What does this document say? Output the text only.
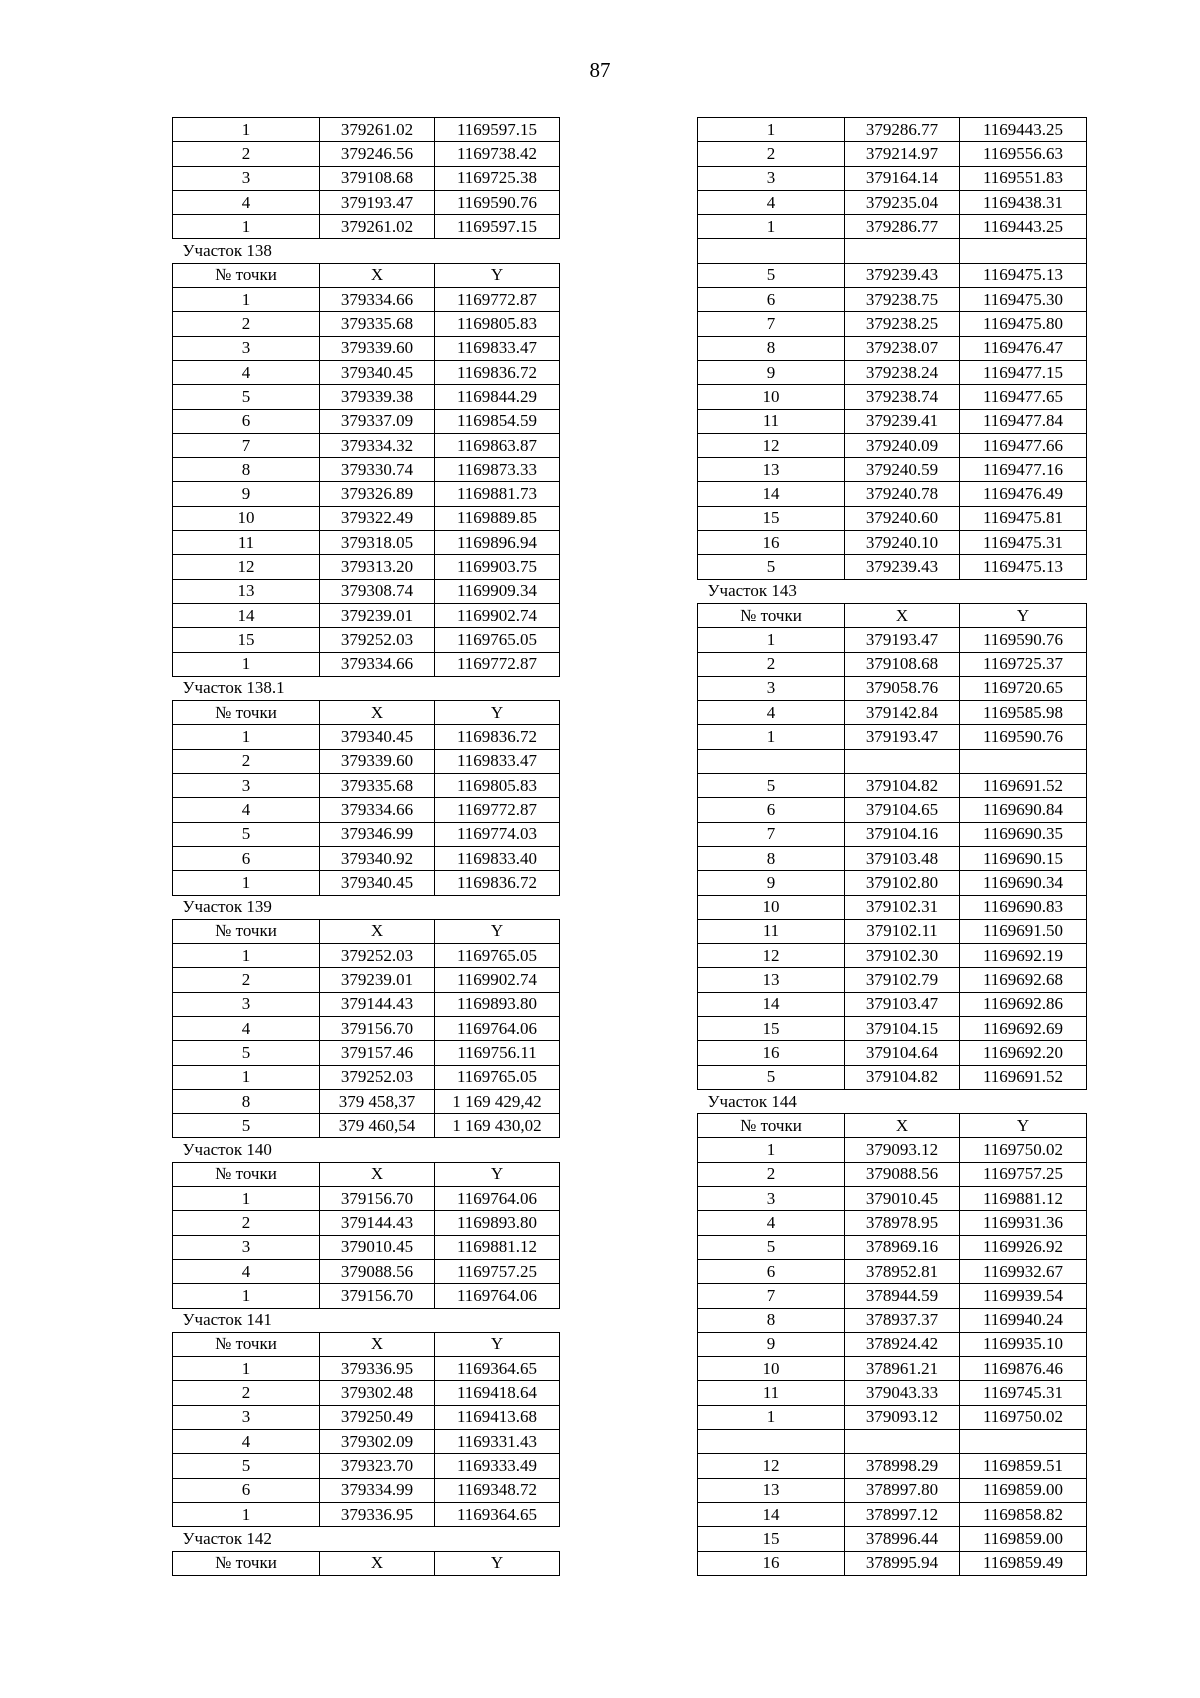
87
1	379261.02	1169597.15
2	379246.56	1169738.42
3	379108.68	1169725.38
4	379193.47	1169590.76
1	379261.02	1169597.15
Участок 138		
№ точки	X	Y
1	379334.66	1169772.87
2	379335.68	1169805.83
3	379339.60	1169833.47
4	379340.45	1169836.72
5	379339.38	1169844.29
6	379337.09	1169854.59
7	379334.32	1169863.87
8	379330.74	1169873.33
9	379326.89	1169881.73
10	379322.49	1169889.85
11	379318.05	1169896.94
12	379313.20	1169903.75
13	379308.74	1169909.34
14	379239.01	1169902.74
15	379252.03	1169765.05
1	379334.66	1169772.87
Участок 138.1		
№ точки	X	Y
1	379340.45	1169836.72
2	379339.60	1169833.47
3	379335.68	1169805.83
4	379334.66	1169772.87
5	379346.99	1169774.03
6	379340.92	1169833.40
1	379340.45	1169836.72
Участок 139		
№ точки	X	Y
1	379252.03	1169765.05
2	379239.01	1169902.74
3	379144.43	1169893.80
4	379156.70	1169764.06
5	379157.46	1169756.11
1	379252.03	1169765.05
8	379 458,37	1 169 429,42
5	379 460,54	1 169 430,02
Участок 140		
№ точки	X	Y
1	379156.70	1169764.06
2	379144.43	1169893.80
3	379010.45	1169881.12
4	379088.56	1169757.25
1	379156.70	1169764.06
Участок 141		
№ точки	X	Y
1	379336.95	1169364.65
2	379302.48	1169418.64
3	379250.49	1169413.68
4	379302.09	1169331.43
5	379323.70	1169333.49
6	379334.99	1169348.72
1	379336.95	1169364.65
Участок 142		
№ точки	X	Y
1	379286.77	1169443.25
2	379214.97	1169556.63
3	379164.14	1169551.83
4	379235.04	1169438.31
1	379286.77	1169443.25

5	379239.43	1169475.13
6	379238.75	1169475.30
7	379238.25	1169475.80
8	379238.07	1169476.47
9	379238.24	1169477.15
10	379238.74	1169477.65
11	379239.41	1169477.84
12	379240.09	1169477.66
13	379240.59	1169477.16
14	379240.78	1169476.49
15	379240.60	1169475.81
16	379240.10	1169475.31
5	379239.43	1169475.13
Участок 143		
№ точки	X	Y
1	379193.47	1169590.76
2	379108.68	1169725.37
3	379058.76	1169720.65
4	379142.84	1169585.98
1	379193.47	1169590.76

5	379104.82	1169691.52
6	379104.65	1169690.84
7	379104.16	1169690.35
8	379103.48	1169690.15
9	379102.80	1169690.34
10	379102.31	1169690.83
11	379102.11	1169691.50
12	379102.30	1169692.19
13	379102.79	1169692.68
14	379103.47	1169692.86
15	379104.15	1169692.69
16	379104.64	1169692.20
5	379104.82	1169691.52
Участок 144		
№ точки	X	Y
1	379093.12	1169750.02
2	379088.56	1169757.25
3	379010.45	1169881.12
4	378978.95	1169931.36
5	378969.16	1169926.92
6	378952.81	1169932.67
7	378944.59	1169939.54
8	378937.37	1169940.24
9	378924.42	1169935.10
10	378961.21	1169876.46
11	379043.33	1169745.31
1	379093.12	1169750.02

12	378998.29	1169859.51
13	378997.80	1169859.00
14	378997.12	1169858.82
15	378996.44	1169859.00
16	378995.94	1169859.49
